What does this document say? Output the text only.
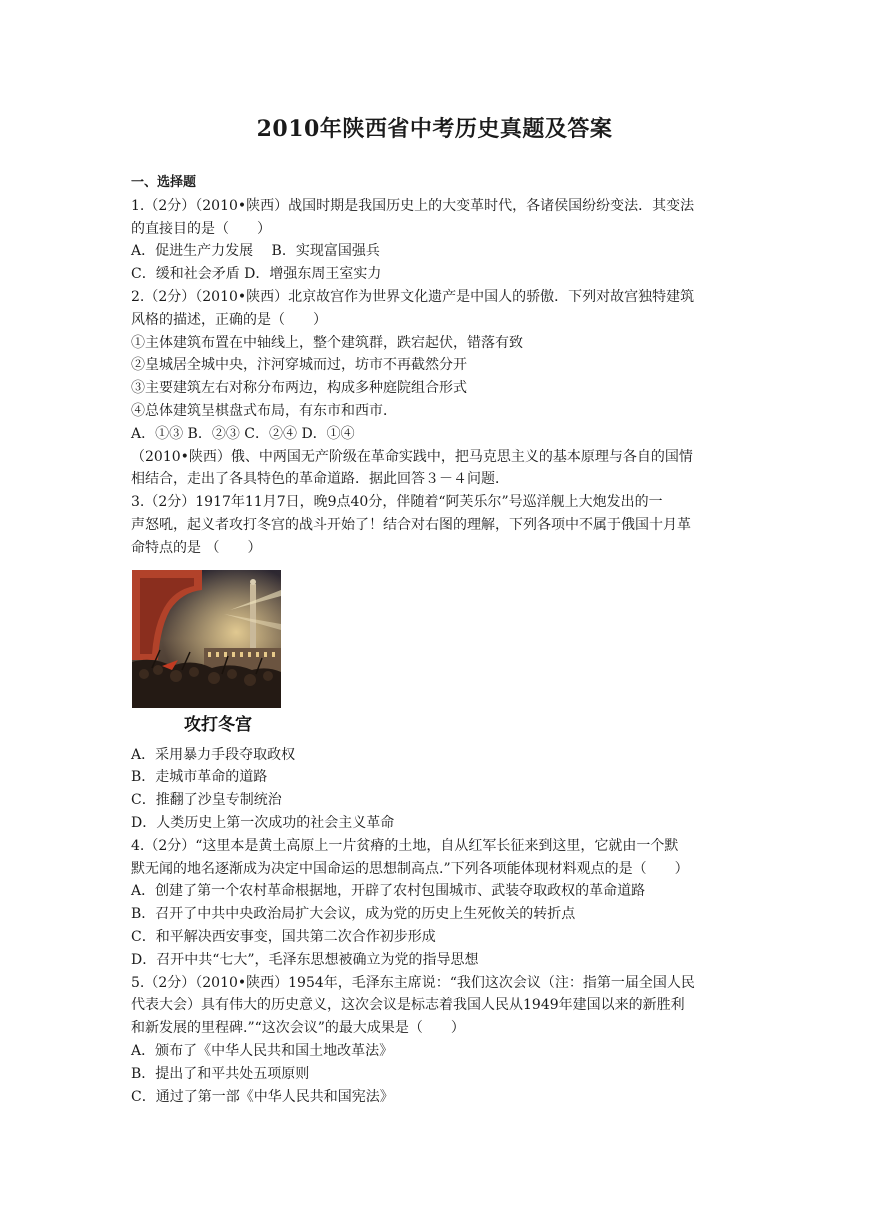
2010年陕西省中考历史真题及答案
一、选择题
1.（2分）（2010•陕西）战国时期是我国历史上的大变革时代，各诸侯国纷纷变法．其变法
的直接目的是（　　）
A．促进生产力发展　 B．实现富国强兵
C．缓和社会矛盾 D．增强东周王室实力
2.（2分）（2010•陕西）北京故宫作为世界文化遗产是中国人的骄傲．下列对故宫独特建筑
风格的描述，正确的是（　　）
①主体建筑布置在中轴线上，整个建筑群，跌宕起伏，错落有致
②皇城居全城中央，汴河穿城而过，坊市不再截然分开
③主要建筑左右对称分布两边，构成多种庭院组合形式
④总体建筑呈棋盘式布局，有东市和西市．
A．①③ B．②③ C．②④ D．①④
（2010•陕西）俄、中两国无产阶级在革命实践中，把马克思主义的基本原理与各自的国情
相结合，走出了各具特色的革命道路．据此回答３－４问题．
3.（2分）1917年11月7日，晚9点40分，伴随着“阿芙乐尔”号巡洋舰上大炮发出的一
声怒吼，起义者攻打冬宫的战斗开始了！结合对右图的理解，下列各项中不属于俄国十月革
命特点的是 （　　）
攻打冬宫
A．采用暴力手段夺取政权
B．走城市革命的道路
C．推翻了沙皇专制统治
D．人类历史上第一次成功的社会主义革命
4.（2分）“这里本是黄土高原上一片贫瘠的土地，自从红军长征来到这里，它就由一个默
默无闻的地名逐渐成为决定中国命运的思想制高点.”下列各项能体现材料观点的是（　　）
A．创建了第一个农村革命根据地，开辟了农村包围城市、武装夺取政权的革命道路
B．召开了中共中央政治局扩大会议，成为党的历史上生死攸关的转折点
C．和平解决西安事变，国共第二次合作初步形成
D．召开中共“七大”，毛泽东思想被确立为党的指导思想
5.（2分）（2010•陕西）1954年，毛泽东主席说：“我们这次会议（注：指第一届全国人民
代表大会）具有伟大的历史意义，这次会议是标志着我国人民从1949年建国以来的新胜利
和新发展的里程碑.”“这次会议”的最大成果是（　　）
A．颁布了《中华人民共和国土地改革法》
B．提出了和平共处五项原则
C．通过了第一部《中华人民共和国宪法》
